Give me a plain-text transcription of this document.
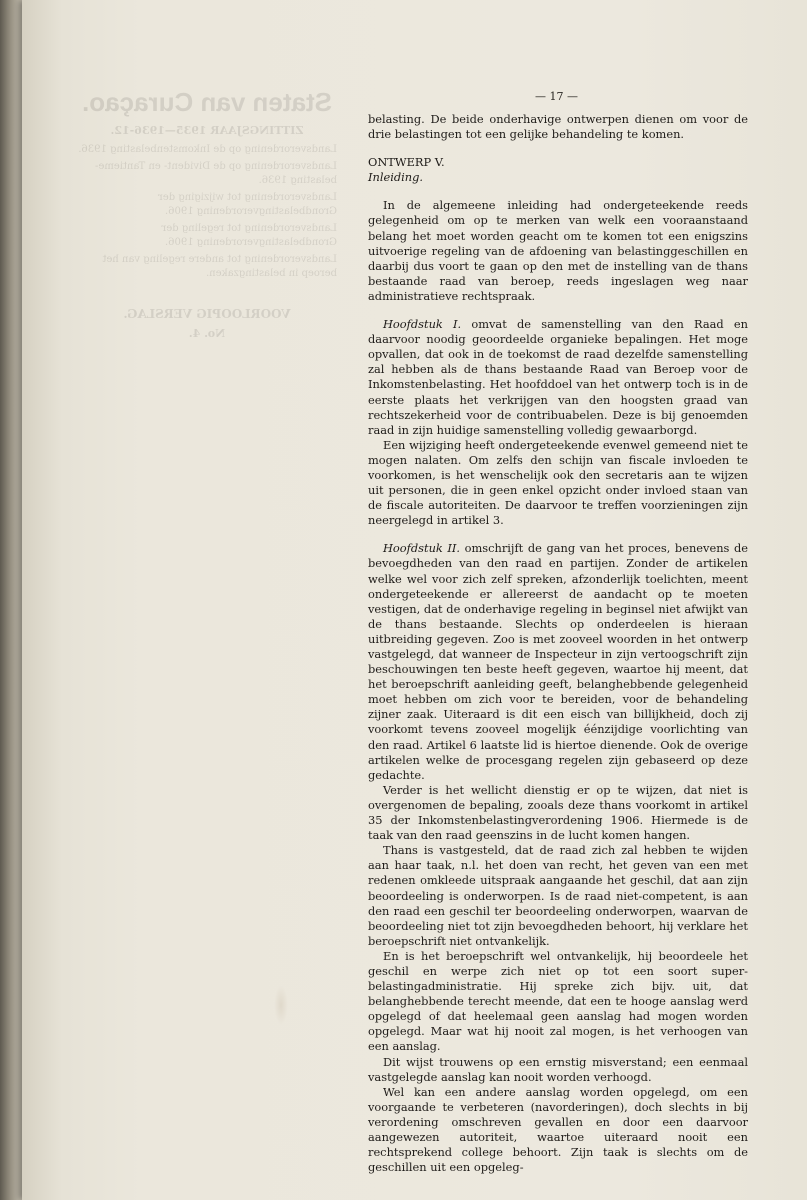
Staten van Curaçao.
ZITTINGSJAAR 1935—1936-12.
Landsverordening op de Inkomstenbelasting 1936.
Landsverordening op de Divident- en Tantieme-belasting 1936.
Landsverordening tot wijziging der Grondbelastingverordening 1906.
Landsverordening tot regeling der Grondbelastingverordening 1906.
Landsverordening tot andere regeling van het beroep in belastingzaken.
VOORLOOPIG VERSLAG.
No. 4.
— 17 —

belasting. De beide onderhavige ontwerpen dienen om voor de drie belastingen tot een gelijke behandeling te komen.

ONTWERP V.

Inleiding.

In de algemeene inleiding had ondergeteekende reeds gelegenheid om op te merken van welk een vooraanstaand belang het moet worden geacht om te komen tot een enigszins uitvoerige regeling van de afdoening van belastinggeschillen en daarbij dus voort te gaan op den met de instelling van de thans bestaande raad van beroep, reeds ingeslagen weg naar administratieve rechtspraak.

Hoofdstuk I. omvat de samenstelling van den Raad en daarvoor noodig geoordeelde organieke bepalingen. Het moge opvallen, dat ook in de toekomst de raad dezelfde samenstelling zal hebben als de thans bestaande Raad van Beroep voor de Inkomstenbelasting. Het hoofddoel van het ontwerp toch is in de eerste plaats het verkrijgen van den hoogsten graad van rechtszekerheid voor de contribuabelen. Deze is bij genoemden raad in zijn huidige samenstelling volledig gewaarborgd.

Een wijziging heeft ondergeteekende evenwel gemeend niet te mogen nalaten. Om zelfs den schijn van fiscale invloeden te voorkomen, is het wenschelijk ook den secretaris aan te wijzen uit personen, die in geen enkel opzicht onder invloed staan van de fiscale autoriteiten. De daarvoor te treffen voorzieningen zijn neergelegd in artikel 3.

Hoofdstuk II. omschrijft de gang van het proces, benevens de bevoegdheden van den raad en partijen. Zonder de artikelen welke wel voor zich zelf spreken, afzonderlijk toelichten, meent ondergeteekende er allereerst de aandacht op te moeten vestigen, dat de onderhavige regeling in beginsel niet afwijkt van de thans bestaande. Slechts op onderdeelen is hieraan uitbreiding gegeven. Zoo is met zooveel woorden in het ontwerp vastgelegd, dat wanneer de Inspecteur in zijn vertoogschrift zijn beschouwingen ten beste heeft gegeven, waartoe hij meent, dat het beroepschrift aanleiding geeft, belanghebbende gelegenheid moet hebben om zich voor te bereiden, voor de behandeling zijner zaak. Uiteraard is dit een eisch van billijkheid, doch zij voorkomt tevens zooveel mogelijk éénzijdige voorlichting van den raad. Artikel 6 laatste lid is hiertoe dienende. Ook de overige artikelen welke de procesgang regelen zijn gebaseerd op deze gedachte.

Verder is het wellicht dienstig er op te wijzen, dat niet is overgenomen de bepaling, zooals deze thans voorkomt in artikel 35 der Inkomstenbelastingverordening 1906. Hiermede is de taak van den raad geenszins in de lucht komen hangen.

Thans is vastgesteld, dat de raad zich zal hebben te wijden aan haar taak, n.l. het doen van recht, het geven van een met redenen omkleede uitspraak aangaande het geschil, dat aan zijn beoordeeling is onderworpen. Is de raad niet-competent, is aan den raad een geschil ter beoordeeling onderworpen, waarvan de beoordeeling niet tot zijn bevoegdheden behoort, hij verklare het beroepschrift niet ontvankelijk.

En is het beroepschrift wel ontvankelijk, hij beoordeele het geschil en werpe zich niet op tot een soort super-belastingadministratie. Hij spreke zich bijv. uit, dat belanghebbende terecht meende, dat een te hooge aanslag werd opgelegd of dat heelemaal geen aanslag had mogen worden opgelegd. Maar wat hij nooit zal mogen, is het verhoogen van een aanslag.

Dit wijst trouwens op een ernstig misverstand; een eenmaal vastgelegde aanslag kan nooit worden verhoogd.

Wel kan een andere aanslag worden opgelegd, om een voorgaande te verbeteren (navorderingen), doch slechts in bij verordening omschreven gevallen en door een daarvoor aangewezen autoriteit, waartoe uiteraard nooit een rechtsprekend college behoort. Zijn taak is slechts om de geschillen uit een opgeleg-
